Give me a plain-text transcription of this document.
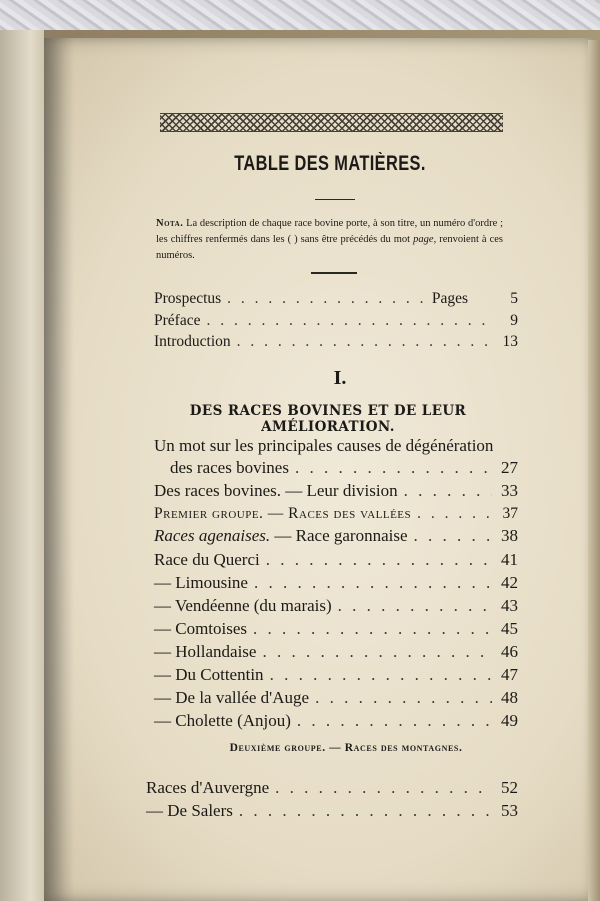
TABLE DES MATIÈRES.
Nota. La description de chaque race bovine porte, à son titre, un numéro d'ordre ; les chiffres renfermés dans les ( ) sans être précédés du mot page, renvoient à ces numéros.
Prospectus . . .	Pages	5
Préface . . .	9
Introduction . . .	13
I.
DES RACES BOVINES ET DE LEUR AMÉLIORATION.
Un mot sur les principales causes de dégénération
des races bovines . . .	27
Des races bovines. — Leur division . . .	33
Premier groupe. — Races des vallées . . .	37
Races agenaises. — Race garonnaise . . .	38
Race du Querci . . .	41
— Limousine . . .	42
— Vendéenne (du marais) . . .	43
— Comtoises . . .	45
— Hollandaise . . .	46
— Du Cottentin . . .	47
— De la vallée d'Auge . . .	48
— Cholette (Anjou) . . .	49
Deuxième groupe. — Races des montagnes.
Races d'Auvergne . . .	52
— De Salers . . .	53
